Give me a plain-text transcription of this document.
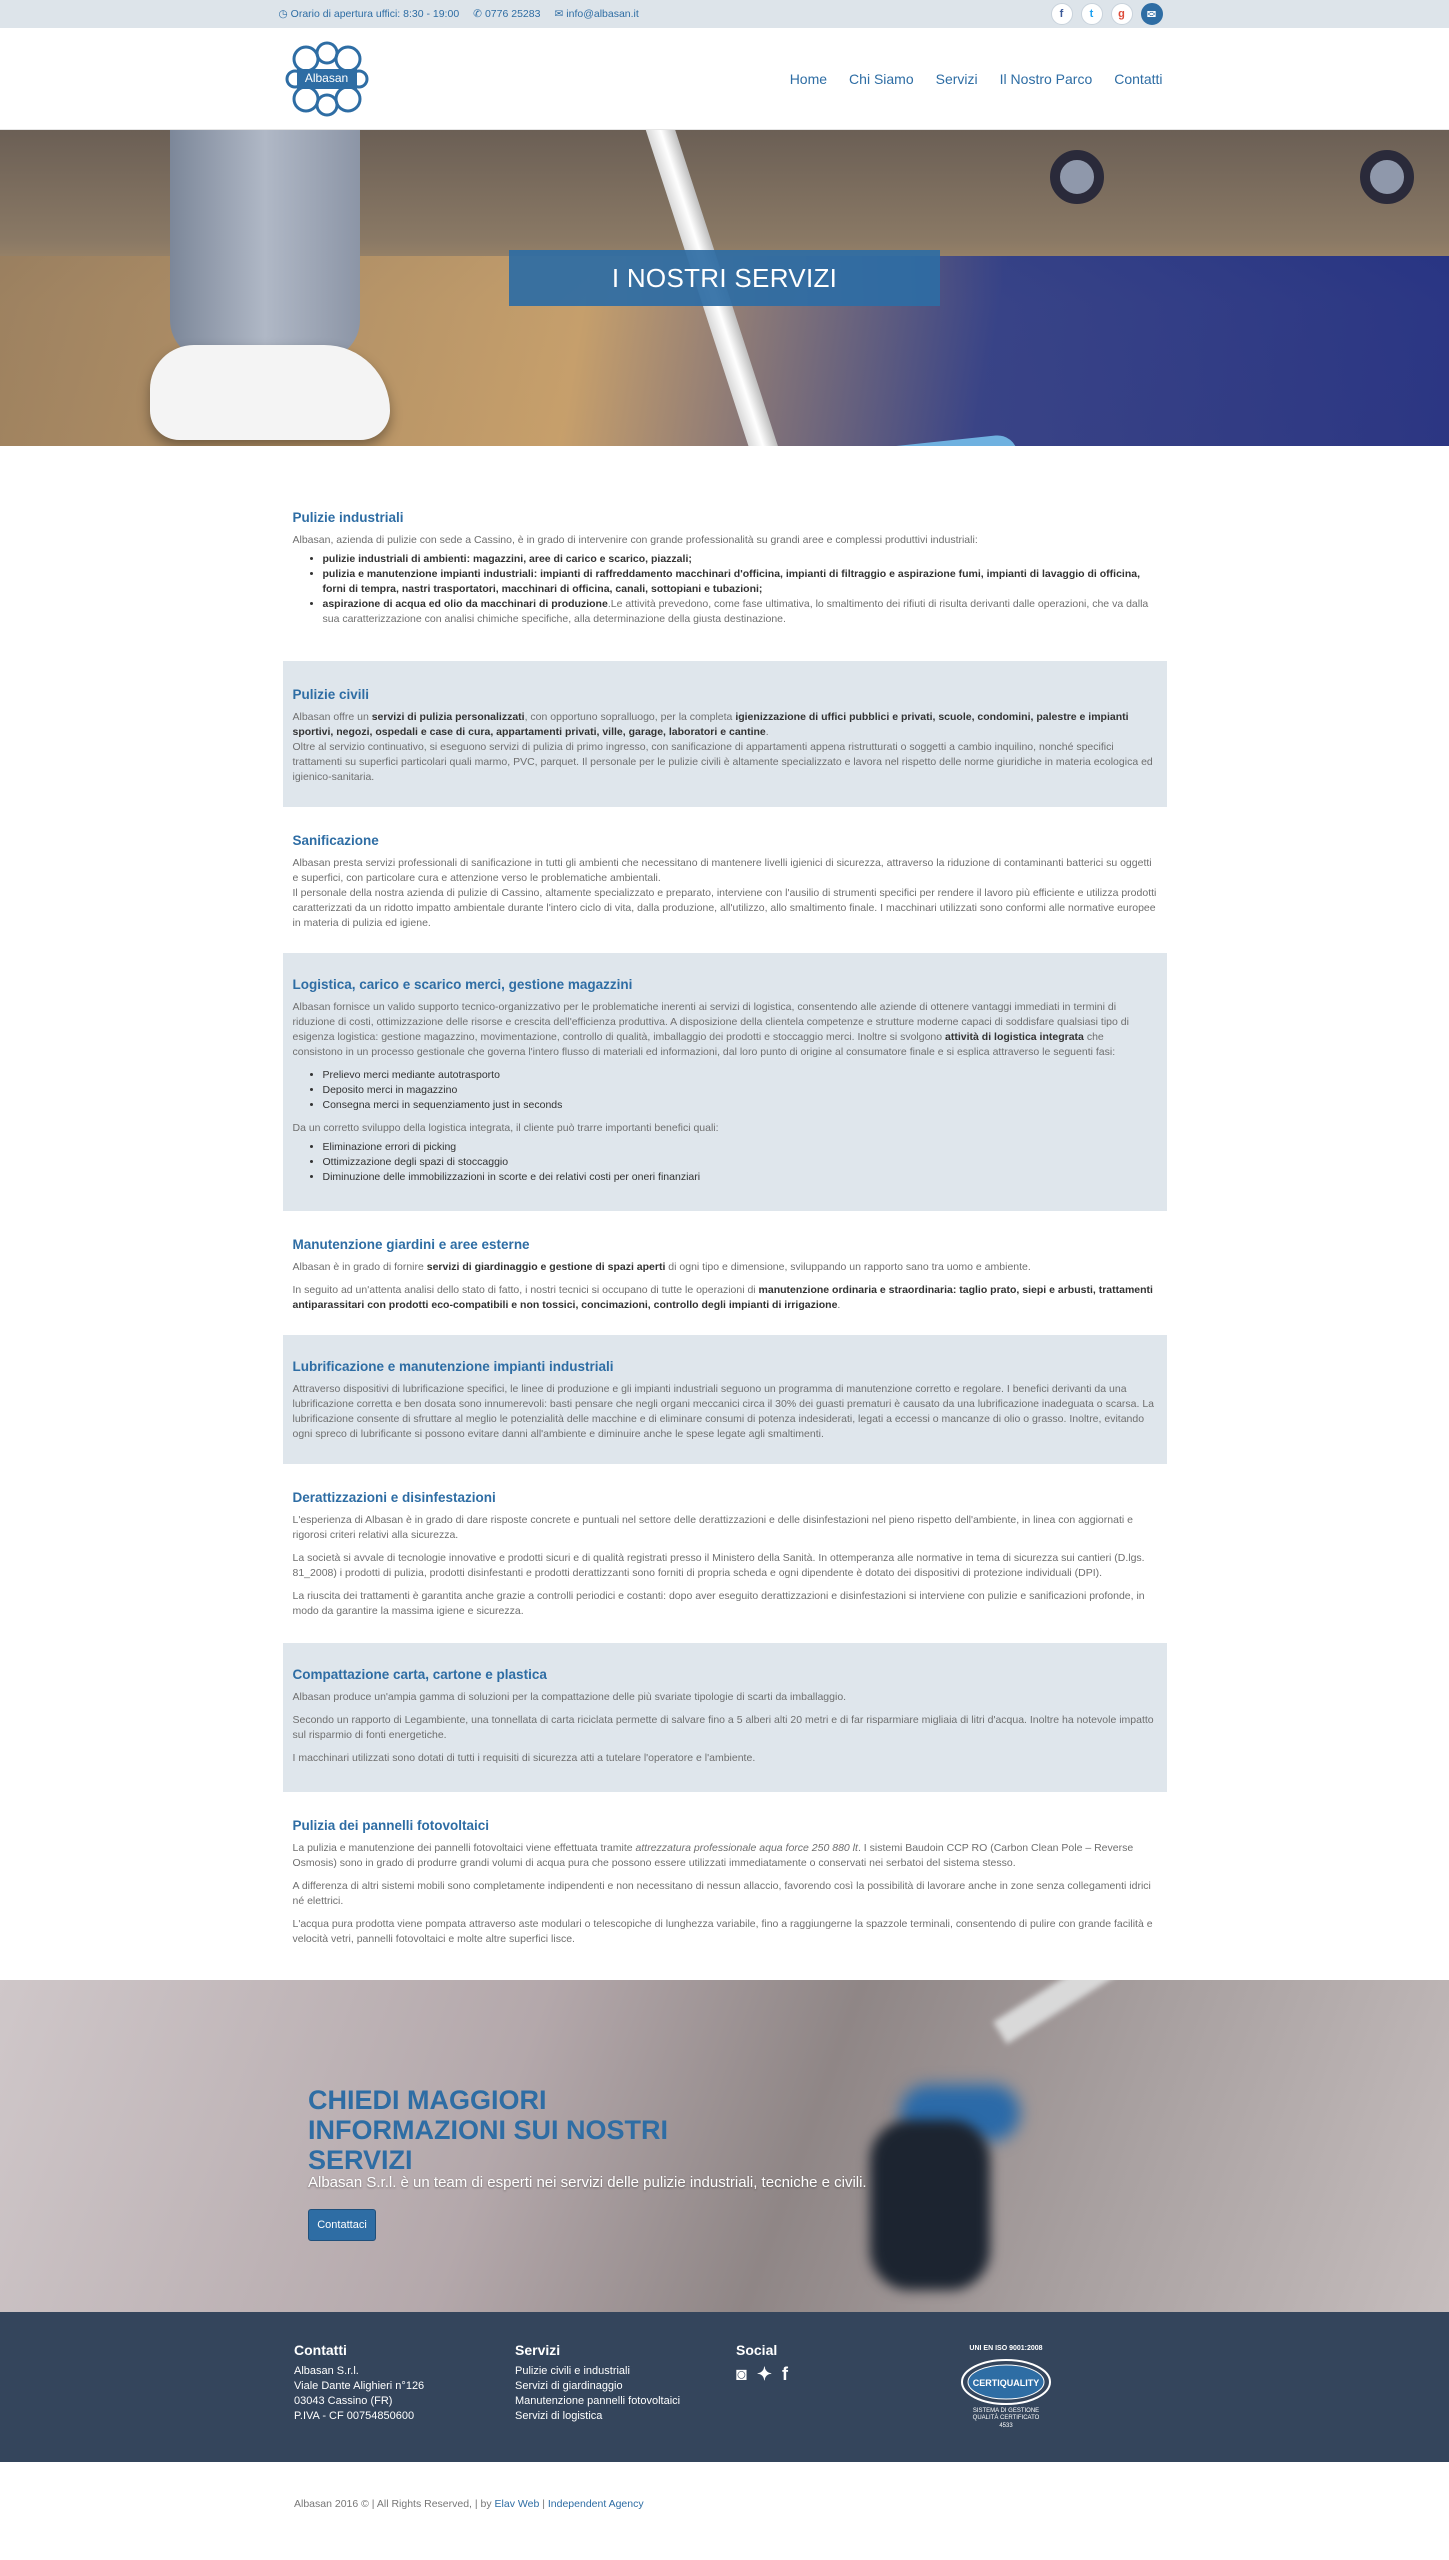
◷ Orario di apertura uffici: 8:30 - 19:00 ✆ 0776 25283 ✉ info@albasan.it	f	t	g	✉
Albasan	Home Chi Siamo Servizi Il Nostro Parco Contatti
I NOSTRI SERVIZI
Pulizie industriali

Albasan, azienda di pulizie con sede a Cassino, è in grado di intervenire con grande professionalità su grandi aree e complessi produttivi industriali:

• pulizie industriali di ambienti: magazzini, aree di carico e scarico, piazzali;
• pulizia e manutenzione impianti industriali: impianti di raffreddamento macchinari d'officina, impianti di filtraggio e aspirazione fumi, impianti di lavaggio di officina, forni di tempra, nastri trasportatori, macchinari di officina, canali, sottopiani e tubazioni;
• aspirazione di acqua ed olio da macchinari di produzione.Le attività prevedono, come fase ultimativa, lo smaltimento dei rifiuti di risulta derivanti dalle operazioni, che va dalla sua caratterizzazione con analisi chimiche specifiche, alla determinazione della giusta destinazione.
Pulizie civili

Albasan offre un servizi di pulizia personalizzati, con opportuno sopralluogo, per la completa igienizzazione di uffici pubblici e privati, scuole, condomini, palestre e impianti sportivi, negozi, ospedali e case di cura, appartamenti privati, ville, garage, laboratori e cantine.

Oltre al servizio continuativo, si eseguono servizi di pulizia di primo ingresso, con sanificazione di appartamenti appena ristrutturati o soggetti a cambio inquilino, nonché specifici trattamenti su superfici particolari quali marmo, PVC, parquet. Il personale per le pulizie civili è altamente specializzato e lavora nel rispetto delle norme giuridiche in materia ecologica ed igienico-sanitaria.

Sanificazione

Albasan presta servizi professionali di sanificazione in tutti gli ambienti che necessitano di mantenere livelli igienici di sicurezza, attraverso la riduzione di contaminanti batterici su oggetti e superfici, con particolare cura e attenzione verso le problematiche ambientali.

Il personale della nostra azienda di pulizie di Cassino, altamente specializzato e preparato, interviene con l'ausilio di strumenti specifici per rendere il lavoro più efficiente e utilizza prodotti caratterizzati da un ridotto impatto ambientale durante l'intero ciclo di vita, dalla produzione, all'utilizzo, allo smaltimento finale. I macchinari utilizzati sono conformi alle normative europee in materia di pulizia ed igiene.

Logistica, carico e scarico merci, gestione magazzini

Albasan fornisce un valido supporto tecnico-organizzativo per le problematiche inerenti ai servizi di logistica, consentendo alle aziende di ottenere vantaggi immediati in termini di riduzione di costi, ottimizzazione delle risorse e crescita dell'efficienza produttiva. A disposizione della clientela competenze e strutture moderne capaci di soddisfare qualsiasi tipo di esigenza logistica: gestione magazzino, movimentazione, controllo di qualità, imballaggio dei prodotti e stoccaggio merci. Inoltre si svolgono attività di logistica integrata che consistono in un processo gestionale che governa l'intero flusso di materiali ed informazioni, dal loro punto di origine al consumatore finale e si esplica attraverso le seguenti fasi:

• Prelievo merci mediante autotrasporto
• Deposito merci in magazzino
• Consegna merci in sequenziamento just in seconds

Da un corretto sviluppo della logistica integrata, il cliente può trarre importanti benefici quali:

• Eliminazione errori di picking
• Ottimizzazione degli spazi di stoccaggio
• Diminuzione delle immobilizzazioni in scorte e dei relativi costi per oneri finanziari
Manutenzione giardini e aree esterne

Albasan è in grado di fornire servizi di giardinaggio e gestione di spazi aperti di ogni tipo e dimensione, sviluppando un rapporto sano tra uomo e ambiente.

In seguito ad un'attenta analisi dello stato di fatto, i nostri tecnici si occupano di tutte le operazioni di manutenzione ordinaria e straordinaria: taglio prato, siepi e arbusti, trattamenti antiparassitari con prodotti eco-compatibili e non tossici, concimazioni, controllo degli impianti di irrigazione.

Lubrificazione e manutenzione impianti industriali

Attraverso dispositivi di lubrificazione specifici, le linee di produzione e gli impianti industriali seguono un programma di manutenzione corretto e regolare. I benefici derivanti da una lubrificazione corretta e ben dosata sono innumerevoli: basti pensare che negli organi meccanici circa il 30% dei guasti prematuri è causato da una lubrificazione inadeguata o scarsa. La lubrificazione consente di sfruttare al meglio le potenzialità delle macchine e di eliminare consumi di potenza indesiderati, legati a eccessi o mancanze di olio o grasso. Inoltre, evitando ogni spreco di lubrificante si possono evitare danni all'ambiente e diminuire anche le spese legate agli smaltimenti.

Derattizzazioni e disinfestazioni

L'esperienza di Albasan è in grado di dare risposte concrete e puntuali nel settore delle derattizzazioni e delle disinfestazioni nel pieno rispetto dell'ambiente, in linea con aggiornati e rigorosi criteri relativi alla sicurezza.

La società si avvale di tecnologie innovative e prodotti sicuri e di qualità registrati presso il Ministero della Sanità. In ottemperanza alle normative in tema di sicurezza sui cantieri (D.lgs. 81_2008) i prodotti di pulizia, prodotti disinfestanti e prodotti derattizzanti sono forniti di propria scheda e ogni dipendente è dotato dei dispositivi di protezione individuali (DPI).

La riuscita dei trattamenti è garantita anche grazie a controlli periodici e costanti: dopo aver eseguito derattizzazioni e disinfestazioni si interviene con pulizie e sanificazioni profonde, in modo da garantire la massima igiene e sicurezza.

Compattazione carta, cartone e plastica

Albasan produce un'ampia gamma di soluzioni per la compattazione delle più svariate tipologie di scarti da imballaggio.

Secondo un rapporto di Legambiente, una tonnellata di carta riciclata permette di salvare fino a 5 alberi alti 20 metri e di far risparmiare migliaia di litri d'acqua. Inoltre ha notevole impatto sul risparmio di fonti energetiche.

I macchinari utilizzati sono dotati di tutti i requisiti di sicurezza atti a tutelare l'operatore e l'ambiente.

Pulizia dei pannelli fotovoltaici

La pulizia e manutenzione dei pannelli fotovoltaici viene effettuata tramite attrezzatura professionale aqua force 250 880 lt. I sistemi Baudoin CCP RO (Carbon Clean Pole – Reverse Osmosis) sono in grado di produrre grandi volumi di acqua pura che possono essere utilizzati immediatamente o conservati nei serbatoi del sistema stesso.

A differenza di altri sistemi mobili sono completamente indipendenti e non necessitano di nessun allaccio, favorendo così la possibilità di lavorare anche in zone senza collegamenti idrici né elettrici.

L'acqua pura prodotta viene pompata attraverso aste modulari o telescopiche di lunghezza variabile, fino a raggiungerne la spazzole terminali, consentendo di pulire con grande facilità e velocità vetri, pannelli fotovoltaici e molte altre superfici lisce.

CHIEDI MAGGIORI INFORMAZIONI SUI NOSTRI SERVIZI
Albasan S.r.l. è un team di esperti nei servizi delle pulizie industriali, tecniche e civili.
Contattaci
Contatti
Albasan S.r.l.
Viale Dante Alighieri n°126
03043 Cassino (FR)
P.IVA - CF 00754850600
Servizi
Pulizie civili e industriali
Servizi di giardinaggio
Manutenzione pannelli fotovoltaici
Servizi di logistica
Social
◙ ✦ f
UNI EN ISO 9001:2008
CERTIQUALITY
SISTEMA DI GESTIONE
QUALITÀ CERTIFICATO
4533
Albasan 2016 © | All Rights Reserved, | by Elav Web | Independent Agency
